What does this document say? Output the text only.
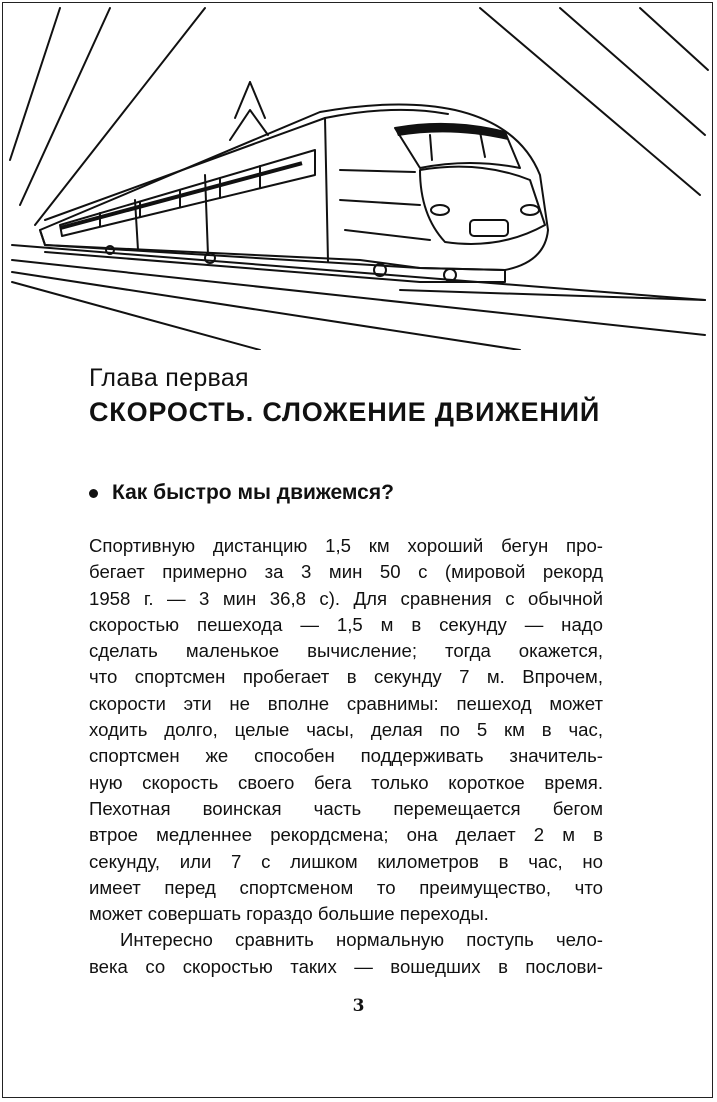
Глава первая
СКОРОСТЬ. СЛОЖЕНИЕ ДВИЖЕНИЙ
Как быстро мы движемся?
Спортивную дистанцию 1,5 км хороший бегун про-
бегает примерно за 3 мин 50 с (мировой рекорд
1958 г. — 3 мин 36,8 с). Для сравнения с обычной
скоростью пешехода — 1,5 м в секунду — надо
сделать маленькое вычисление; тогда окажется,
что спортсмен пробегает в секунду 7 м. Впрочем,
скорости эти не вполне сравнимы: пешеход может
ходить долго, целые часы, делая по 5 км в час,
спортсмен же способен поддерживать значитель-
ную скорость своего бега только короткое время.
Пехотная воинская часть перемещается бегом
втрое медленнее рекордсмена; она делает 2 м в
секунду, или 7 с лишком километров в час, но
имеет перед спортсменом то преимущество, что
может совершать гораздо большие переходы.
Интересно сравнить нормальную поступь чело-
века со скоростью таких — вошедших в послови-
3
